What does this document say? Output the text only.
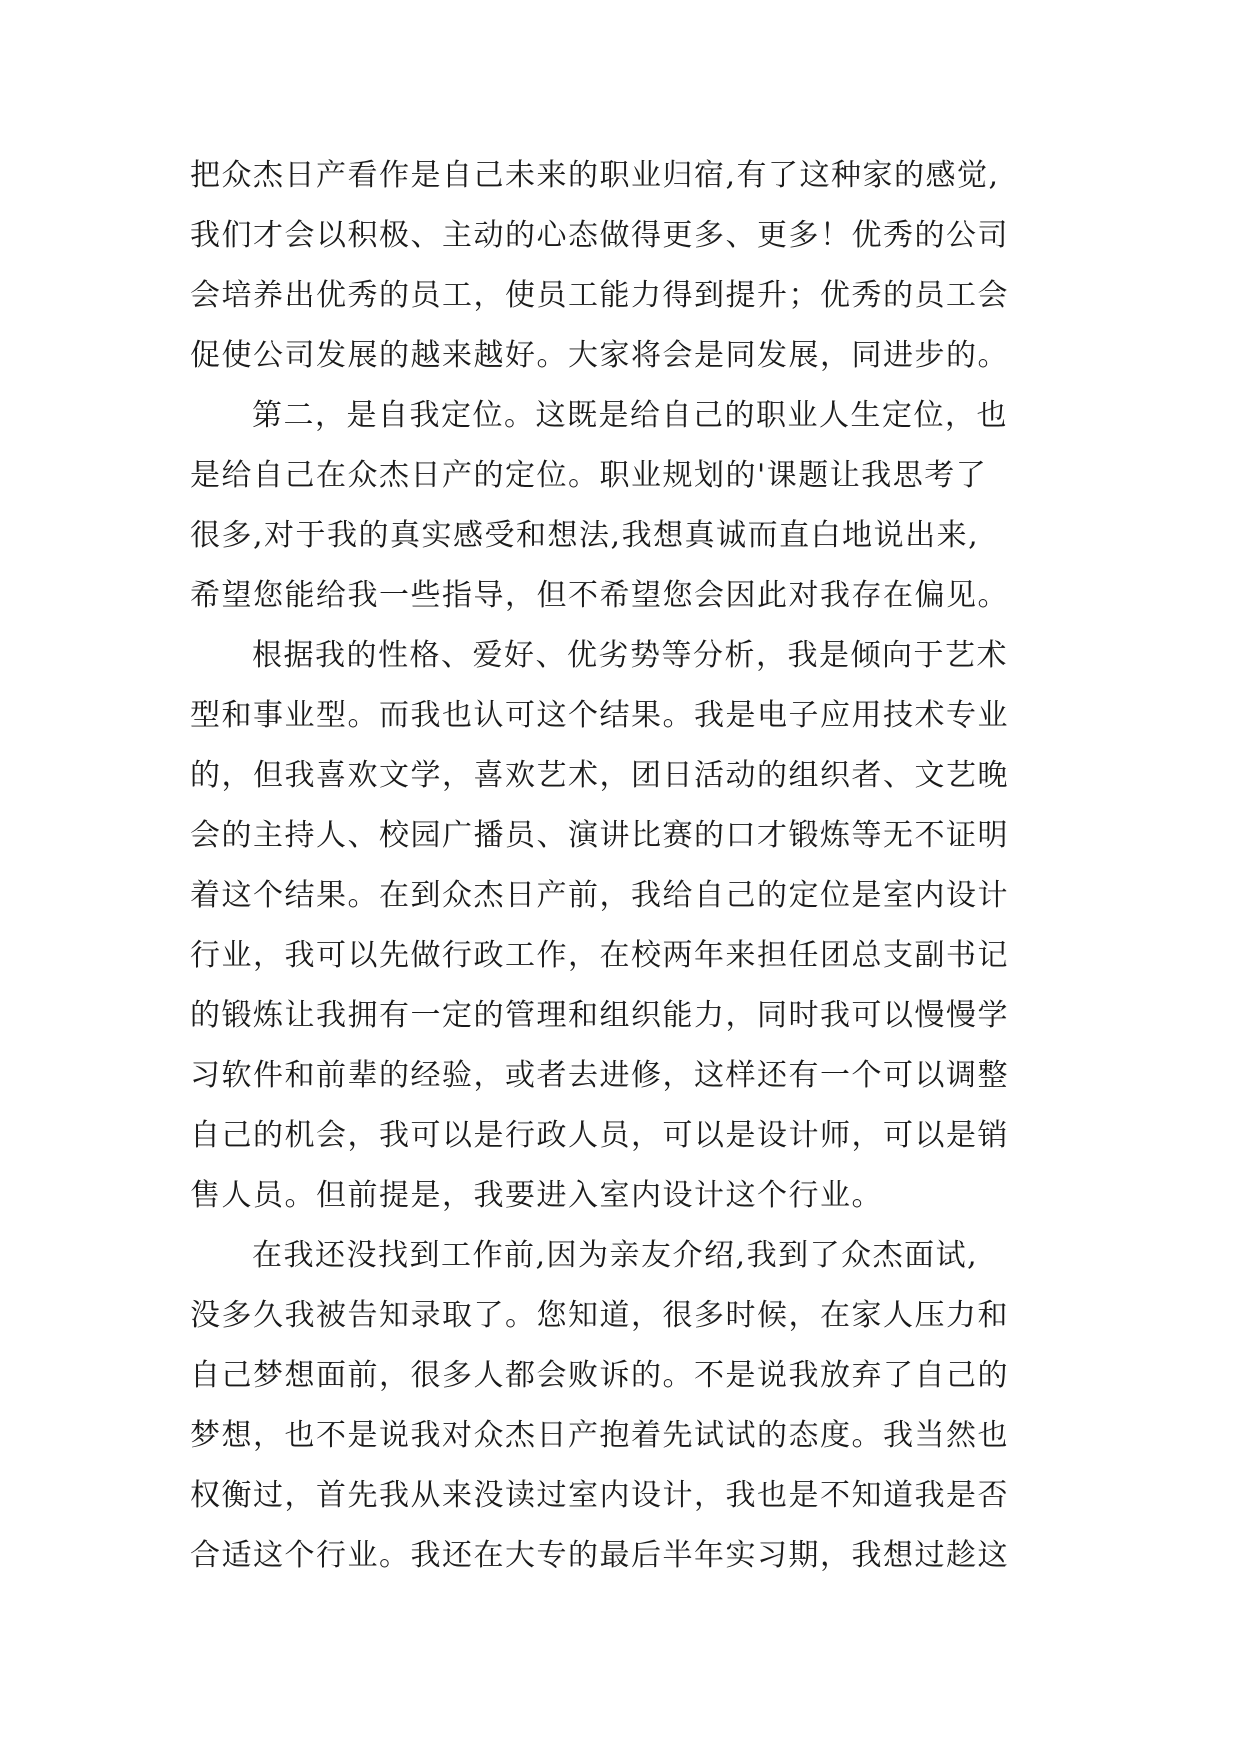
把众杰日产看作是自己未来的职业归宿,有了这种家的感觉,
我们才会以积极、主动的心态做得更多、更多！优秀的公司
会培养出优秀的员工，使员工能力得到提升；优秀的员工会
促使公司发展的越来越好。大家将会是同发展，同进步的。
第二，是自我定位。这既是给自己的职业人生定位，也
是给自己在众杰日产的定位。职业规划的'课题让我思考了
很多,对于我的真实感受和想法,我想真诚而直白地说出来,
希望您能给我一些指导，但不希望您会因此对我存在偏见。
根据我的性格、爱好、优劣势等分析，我是倾向于艺术
型和事业型。而我也认可这个结果。我是电子应用技术专业
的，但我喜欢文学，喜欢艺术，团日活动的组织者、文艺晚
会的主持人、校园广播员、演讲比赛的口才锻炼等无不证明
着这个结果。在到众杰日产前，我给自己的定位是室内设计
行业，我可以先做行政工作，在校两年来担任团总支副书记
的锻炼让我拥有一定的管理和组织能力，同时我可以慢慢学
习软件和前辈的经验，或者去进修，这样还有一个可以调整
自己的机会，我可以是行政人员，可以是设计师，可以是销
售人员。但前提是，我要进入室内设计这个行业。
在我还没找到工作前,因为亲友介绍,我到了众杰面试,
没多久我被告知录取了。您知道，很多时候，在家人压力和
自己梦想面前，很多人都会败诉的。不是说我放弃了自己的
梦想，也不是说我对众杰日产抱着先试试的态度。我当然也
权衡过，首先我从来没读过室内设计，我也是不知道我是否
合适这个行业。我还在大专的最后半年实习期，我想过趁这
